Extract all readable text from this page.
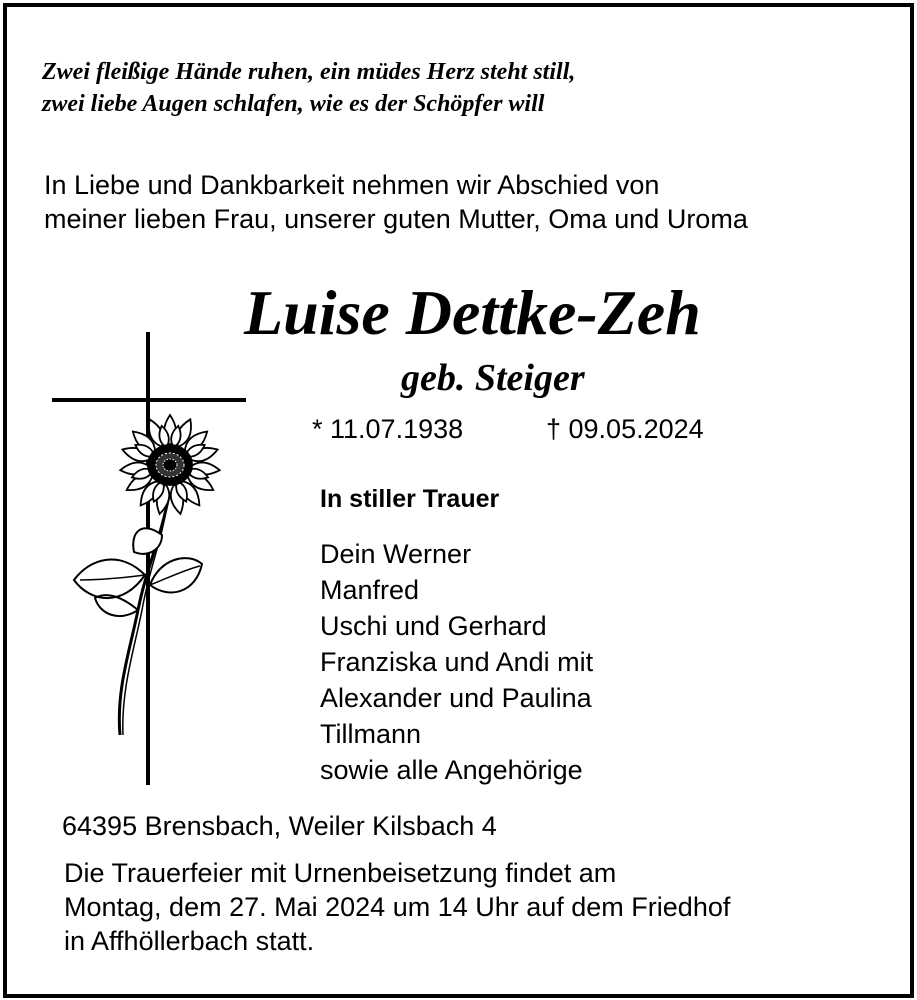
Zwei fleißige Hände ruhen, ein müdes Herz steht still,
zwei liebe Augen schlafen, wie es der Schöpfer will
In Liebe und Dankbarkeit nehmen wir Abschied von
meiner lieben Frau, unserer guten Mutter, Oma und Uroma
Luise Dettke-Zeh
geb. Steiger
* 11.07.1938	† 09.05.2024
In stiller Trauer
Dein Werner
Manfred
Uschi und Gerhard
Franziska und Andi mit
Alexander und Paulina
Tillmann
sowie alle Angehörige
64395 Brensbach, Weiler Kilsbach 4
Die Trauerfeier mit Urnenbeisetzung findet am
Montag, dem 27. Mai 2024 um 14 Uhr auf dem Friedhof
in Affhöllerbach statt.
